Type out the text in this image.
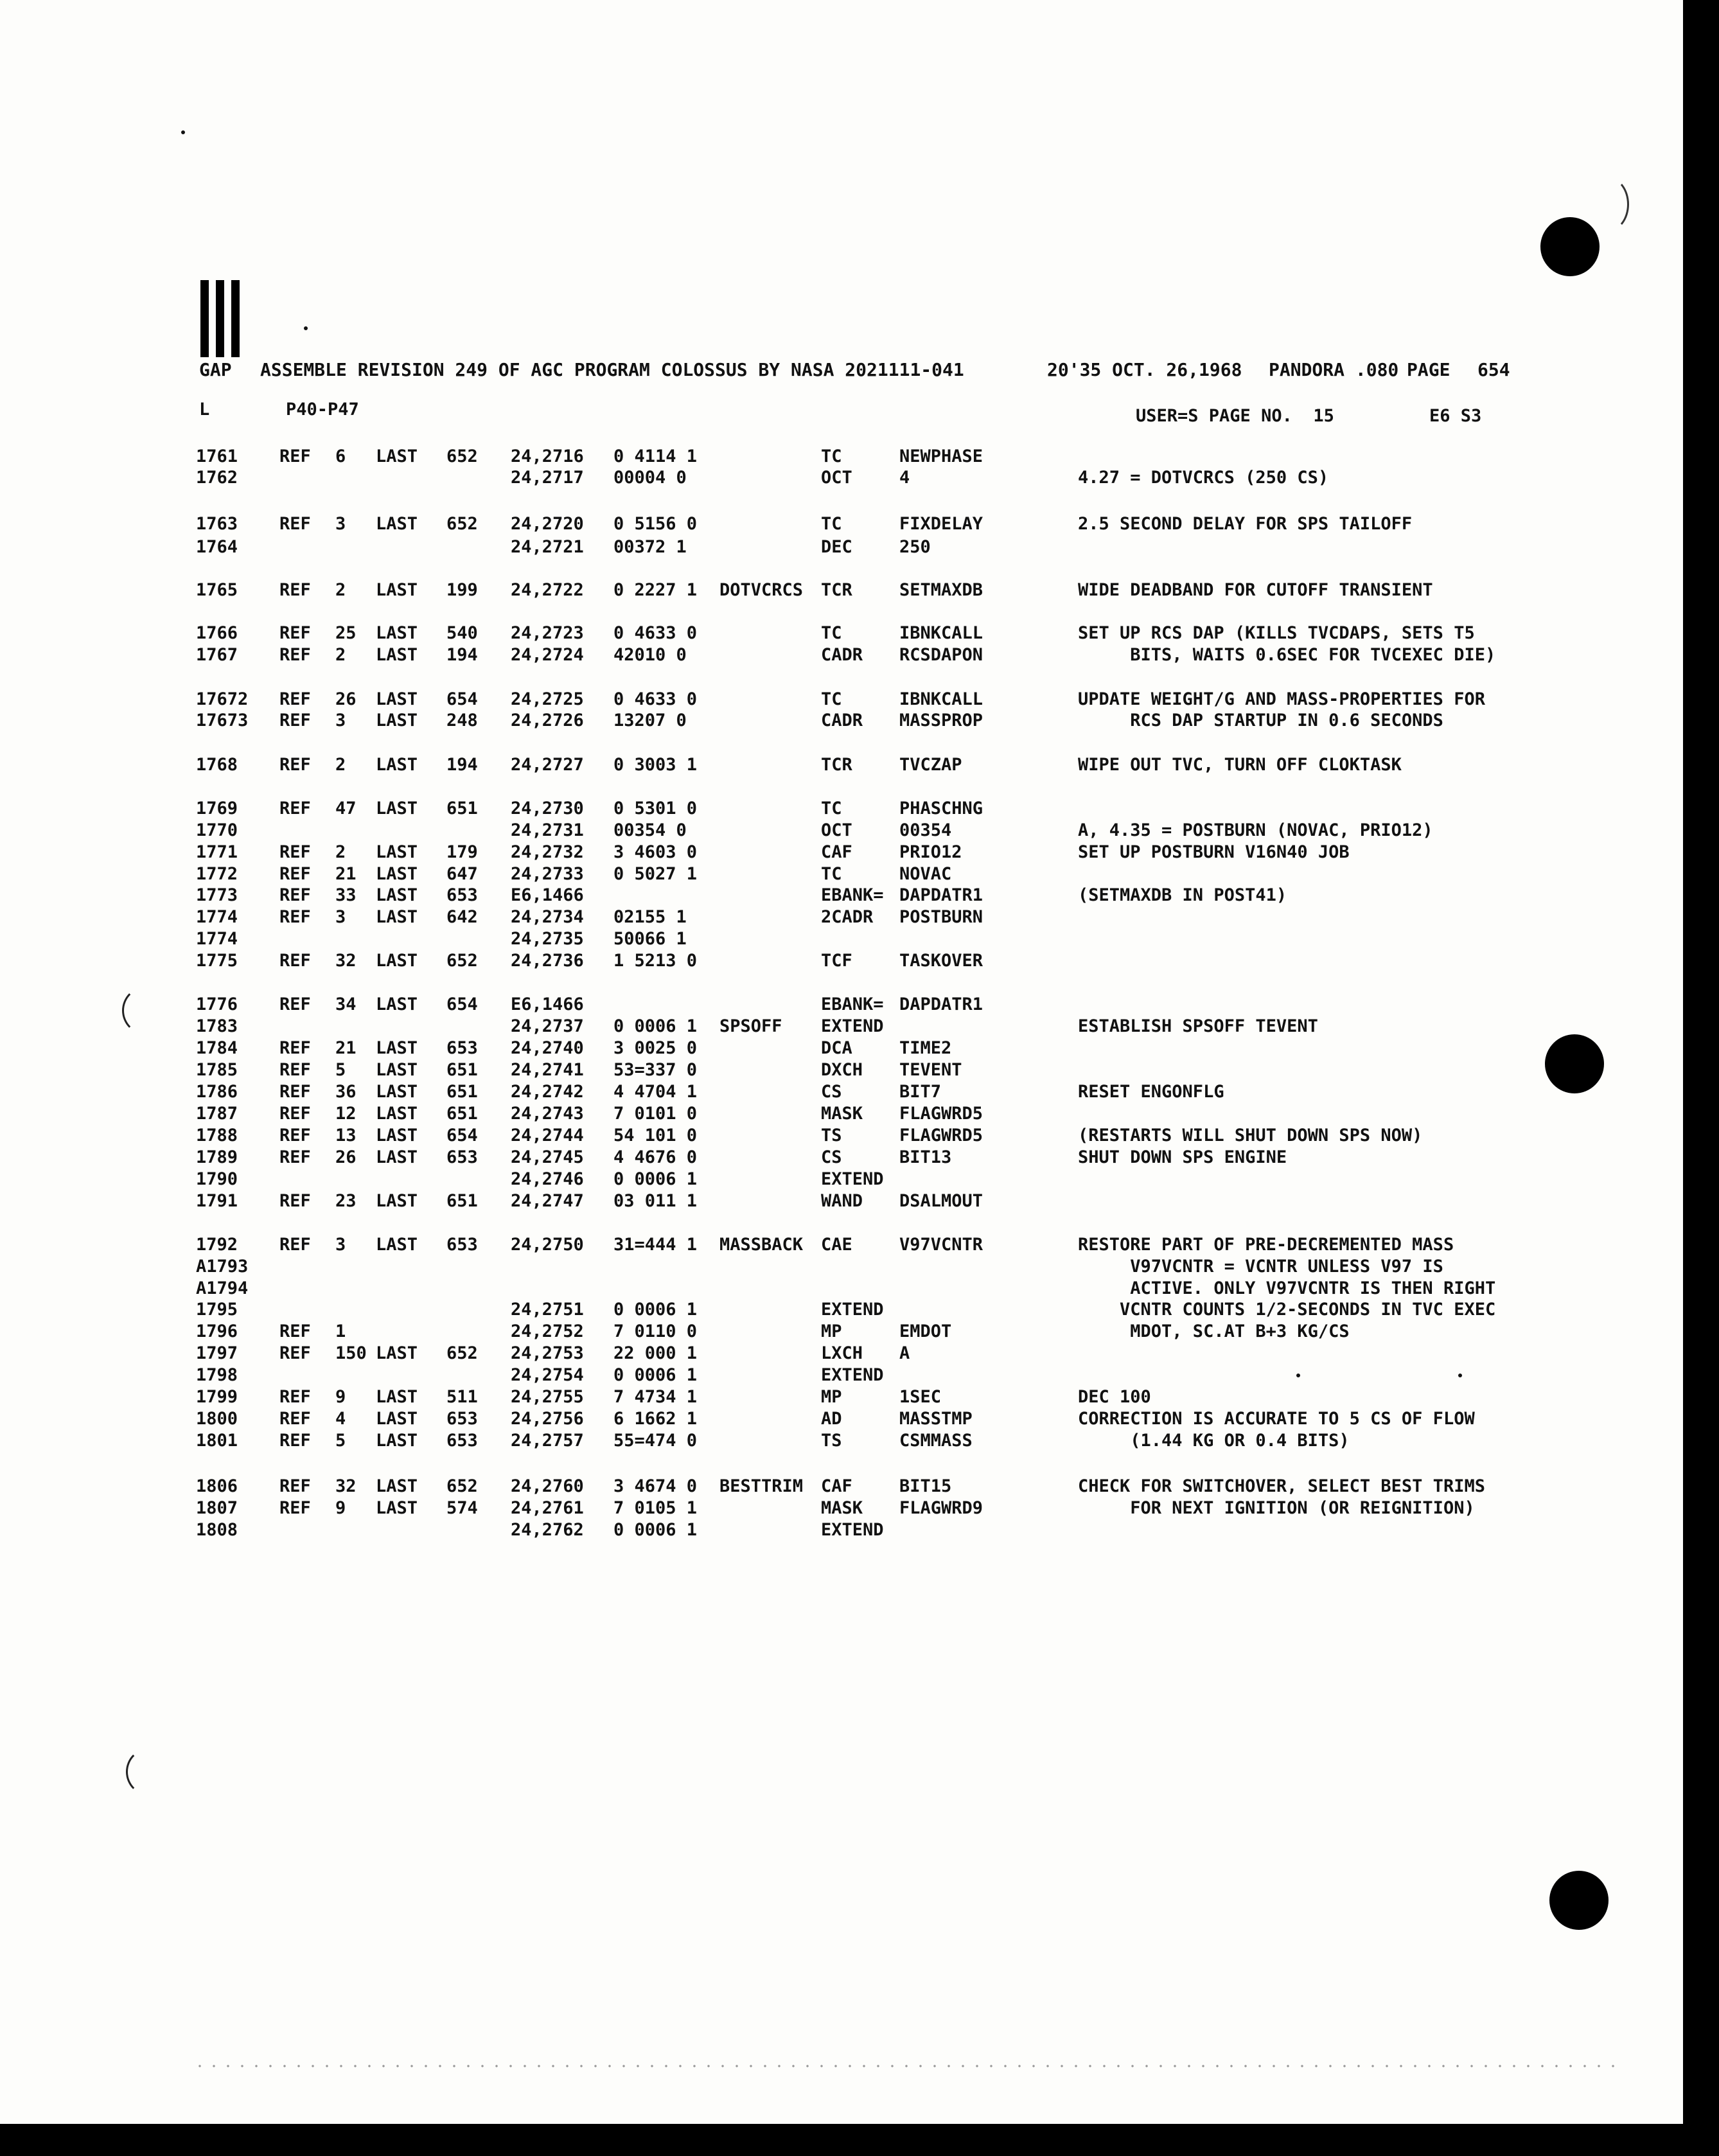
GAP ASSEMBLE REVISION 249 OF AGC PROGRAM COLOSSUS BY NASA 2021111-041	20'35 OCT. 26,1968 PANDORA .080 PAGE 654
L	P40-P47	USER=S PAGE NO.  15	E6 S3
1761 REF 6 LAST 652 24,2716 0 4114 1	TC	NEWPHASE
1762	24,2717 00004 0	OCT	4	4.27 = DOTVCRCS (250 CS)
1763 REF 3 LAST 652 24,2720 0 5156 0	TC	FIXDELAY	2.5 SECOND DELAY FOR SPS TAILOFF
1764	24,2721 00372 1	DEC	250
1765 REF 2 LAST 199 24,2722 0 2227 1 DOTVCRCS TCR	SETMAXDB	WIDE DEADBAND FOR CUTOFF TRANSIENT
1766 REF 25 LAST 540 24,2723 0 4633 0	TC	IBNKCALL	SET UP RCS DAP (KILLS TVCDAPS, SETS T5
1767 REF 2 LAST 194 24,2724 42010 0	CADR RCSDAPON	BITS, WAITS 0.6SEC FOR TVCEXEC DIE)
17672 REF 26 LAST 654 24,2725 0 4633 0	TC	IBNKCALL	UPDATE WEIGHT/G AND MASS-PROPERTIES FOR
17673 REF 3 LAST 248 24,2726 13207 0	CADR MASSPROP	RCS DAP STARTUP IN 0.6 SECONDS
1768 REF 2 LAST 194 24,2727 0 3003 1	TCR	TVCZAP	WIPE OUT TVC, TURN OFF CLOKTASK
1769 REF 47 LAST 651 24,2730 0 5301 0	TC	PHASCHNG
1770	24,2731 00354 0	OCT	00354	A, 4.35 = POSTBURN (NOVAC, PRIO12)
1771 REF 2 LAST 179 24,2732 3 4603 0	CAF	PRIO12	SET UP POSTBURN V16N40 JOB
1772 REF 21 LAST 647 24,2733 0 5027 1	TC	NOVAC
1773 REF 33 LAST 653 E6,1466	EBANK= DAPDATR1	(SETMAXDB IN POST41)
1774 REF 3 LAST 642 24,2734 02155 1	2CADR POSTBURN
1774	24,2735 50066 1
1775 REF 32 LAST 652 24,2736 1 5213 0	TCF	TASKOVER
1776 REF 34 LAST 654 E6,1466	EBANK= DAPDATR1
1783	24,2737 0 0006 1 SPSOFF EXTEND	ESTABLISH SPSOFF TEVENT
1784 REF 21 LAST 653 24,2740 3 0025 0	DCA	TIME2
1785 REF 5 LAST 651 24,2741 53=337 0	DXCH TEVENT
1786 REF 36 LAST 651 24,2742 4 4704 1	CS	BIT7	RESET ENGONFLG
1787 REF 12 LAST 651 24,2743 7 0101 0	MASK FLAGWRD5
1788 REF 13 LAST 654 24,2744 54 101 0	TS	FLAGWRD5	(RESTARTS WILL SHUT DOWN SPS NOW)
1789 REF 26 LAST 653 24,2745 4 4676 0	CS	BIT13	SHUT DOWN SPS ENGINE
1790	24,2746 0 0006 1	EXTEND
1791 REF 23 LAST 651 24,2747 03 011 1	WAND DSALMOUT
1792 REF 3 LAST 653 24,2750 31=444 1 MASSBACK CAE	V97VCNTR	RESTORE PART OF PRE-DECREMENTED MASS
A1793	V97VCNTR = VCNTR UNLESS V97 IS
A1794	ACTIVE. ONLY V97VCNTR IS THEN RIGHT
1795	24,2751 0 0006 1	EXTEND	VCNTR COUNTS 1/2-SECONDS IN TVC EXEC
1796 REF 1	24,2752 7 0110 0	MP	EMDOT	MDOT, SC.AT B+3 KG/CS
1797 REF 150 LAST 652 24,2753 22 000 1	LXCH A
1798	24,2754 0 0006 1	EXTEND
1799 REF 9 LAST 511 24,2755 7 4734 1	MP	1SEC	DEC 100
1800 REF 4 LAST 653 24,2756 6 1662 1	AD	MASSTMP	CORRECTION IS ACCURATE TO 5 CS OF FLOW
1801 REF 5 LAST 653 24,2757 55=474 0	TS	CSMMASS	(1.44 KG OR 0.4 BITS)
1806 REF 32 LAST 652 24,2760 3 4674 0 BESTTRIM CAF	BIT15	CHECK FOR SWITCHOVER, SELECT BEST TRIMS
1807 REF 9 LAST 574 24,2761 7 0105 1	MASK FLAGWRD9	FOR NEXT IGNITION (OR REIGNITION)
1808	24,2762 0 0006 1	EXTEND
